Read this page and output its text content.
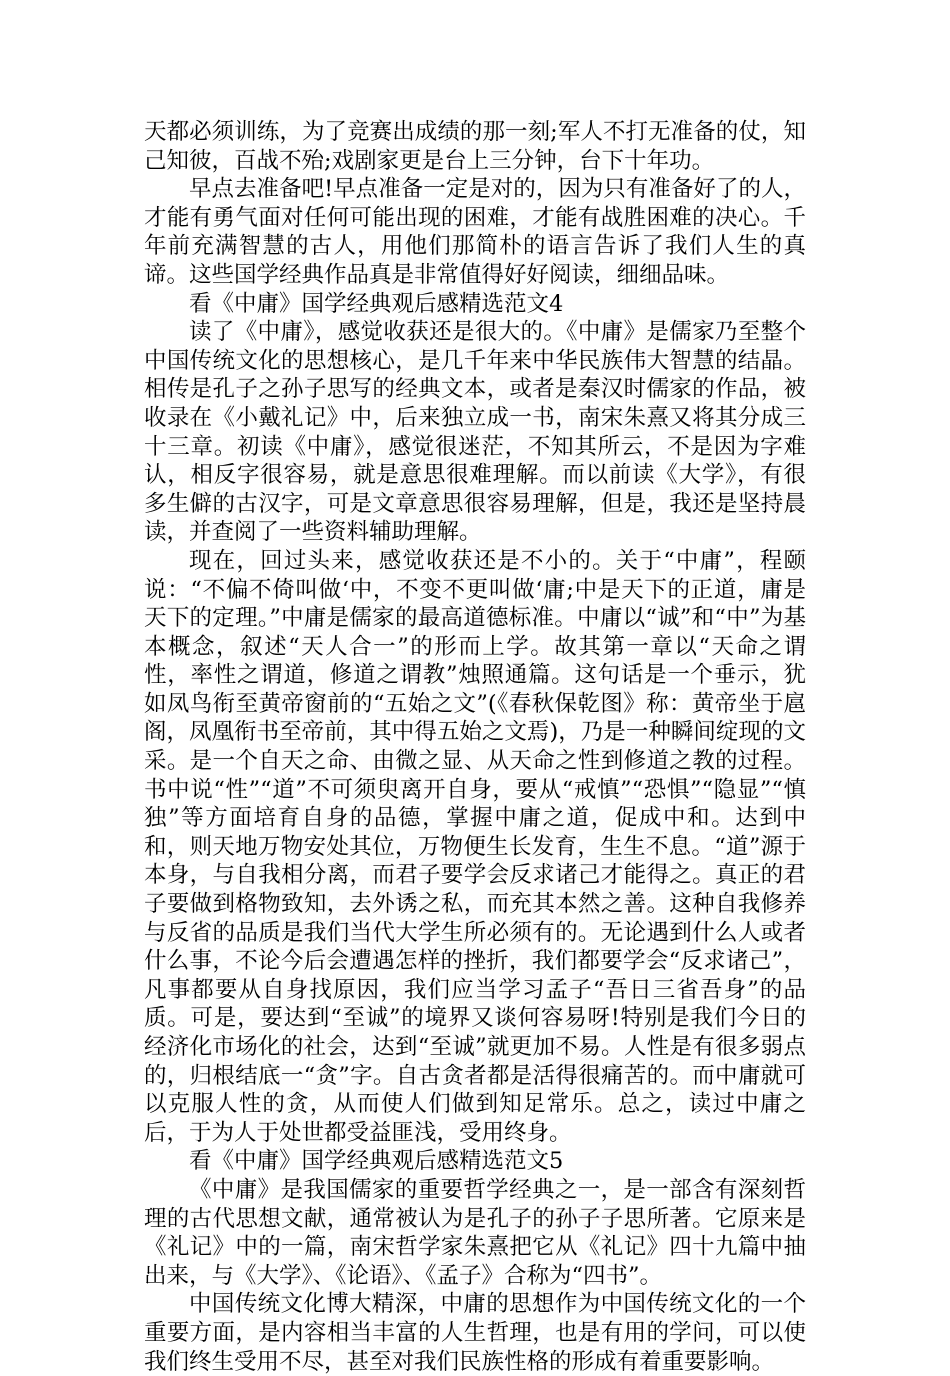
天都必须训练，为了竞赛出成绩的那一刻;军人不打无准备的仗，知己知彼，百战不殆;戏剧家更是台上三分钟，台下十年功。

早点去准备吧!早点准备一定是对的，因为只有准备好了的人，才能有勇气面对任何可能出现的困难，才能有战胜困难的决心。千年前充满智慧的古人，用他们那简朴的语言告诉了我们人生的真谛。这些国学经典作品真是非常值得好好阅读，细细品味。

看《中庸》国学经典观后感精选范文4

读了《中庸》，感觉收获还是很大的。《中庸》是儒家乃至整个中国传统文化的思想核心，是几千年来中华民族伟大智慧的结晶。相传是孔子之孙子思写的经典文本，或者是秦汉时儒家的作品，被收录在《小戴礼记》中，后来独立成一书，南宋朱熹又将其分成三十三章。初读《中庸》，感觉很迷茫，不知其所云，不是因为字难认，相反字很容易，就是意思很难理解。而以前读《大学》，有很多生僻的古汉字，可是文章意思很容易理解，但是，我还是坚持晨读，并查阅了一些资料辅助理解。

现在，回过头来，感觉收获还是不小的。关于“中庸”，程颐说：“不偏不倚叫做‘中，不变不更叫做‘庸;中是天下的正道，庸是天下的定理。”中庸是儒家的最高道德标准。中庸以“诚”和“中”为基本概念，叙述“天人合一”的形而上学。故其第一章以“天命之谓性，率性之谓道，修道之谓教”烛照通篇。这句话是一个垂示，犹如凤鸟衔至黄帝窗前的“五始之文”(《春秋保乾图》称：黄帝坐于扈阁，凤凰衔书至帝前，其中得五始之文焉)，乃是一种瞬间绽现的文采。是一个自天之命、由微之显、从天命之性到修道之教的过程。书中说“性”“道”不可须臾离开自身，要从“戒慎”“恐惧”“隐显”“慎独”等方面培育自身的品德，掌握中庸之道，促成中和。达到中和，则天地万物安处其位，万物便生长发育，生生不息。“道”源于本身，与自我相分离，而君子要学会反求诸己才能得之。真正的君子要做到格物致知，去外诱之私，而充其本然之善。这种自我修养与反省的品质是我们当代大学生所必须有的。无论遇到什么人或者什么事，不论今后会遭遇怎样的挫折，我们都要学会“反求诸己”，凡事都要从自身找原因，我们应当学习孟子“吾日三省吾身”的品质。可是，要达到“至诚”的境界又谈何容易呀!特别是我们今日的经济化市场化的社会，达到“至诚”就更加不易。人性是有很多弱点的，归根结底一“贪”字。自古贪者都是活得很痛苦的。而中庸就可以克服人性的贪，从而使人们做到知足常乐。总之，读过中庸之后，于为人于处世都受益匪浅，受用终身。

看《中庸》国学经典观后感精选范文5

《中庸》是我国儒家的重要哲学经典之一，是一部含有深刻哲理的古代思想文献，通常被认为是孔子的孙子子思所著。它原来是《礼记》中的一篇，南宋哲学家朱熹把它从《礼记》四十九篇中抽出来，与《大学》、《论语》、《孟子》合称为“四书”。

中国传统文化博大精深，中庸的思想作为中国传统文化的一个重要方面，是内容相当丰富的人生哲理，也是有用的学问，可以使我们终生受用不尽，甚至对我们民族性格的形成有着重要影响。
